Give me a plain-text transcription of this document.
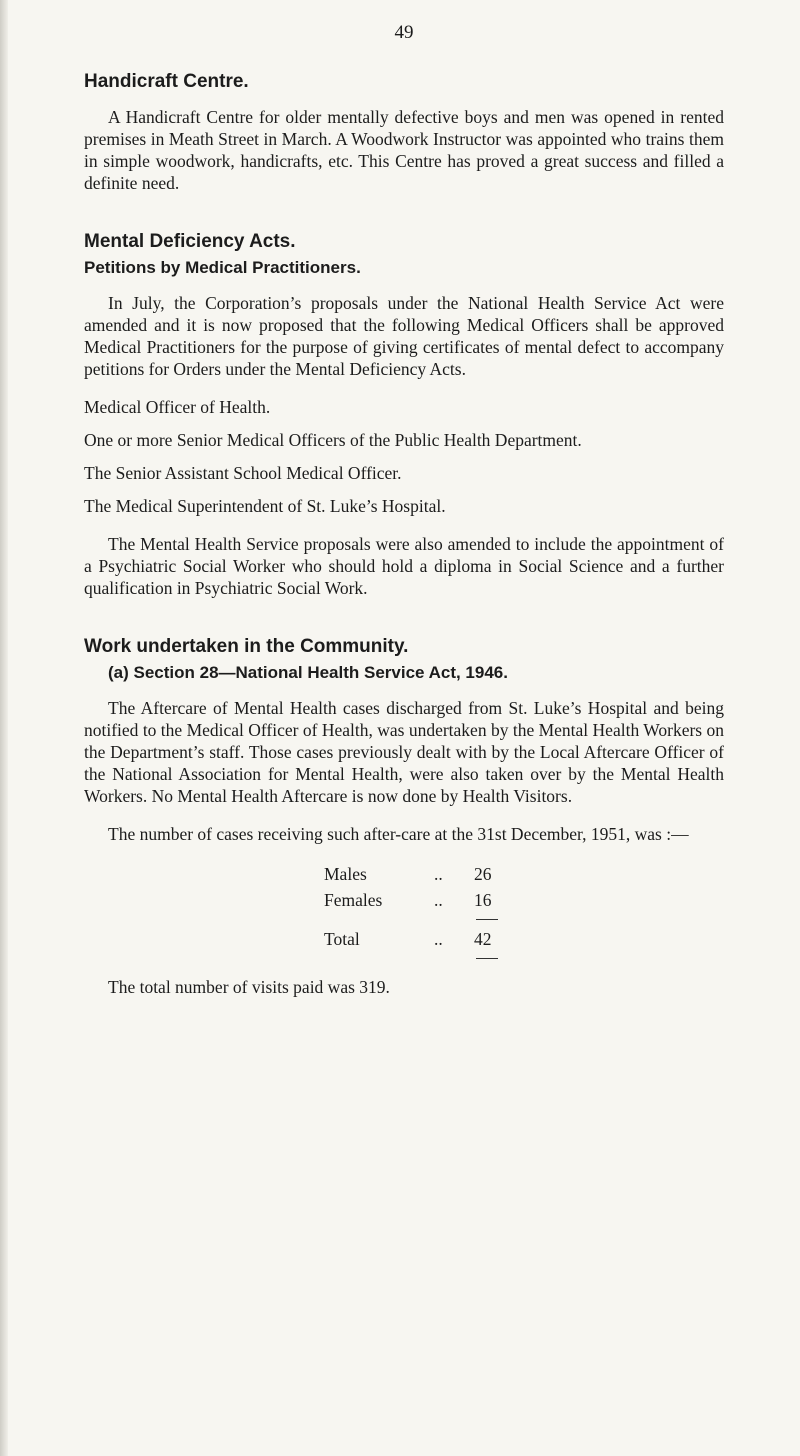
49
Handicraft Centre.

A Handicraft Centre for older mentally defective boys and men was opened in rented premises in Meath Street in March. A Woodwork Instructor was appointed who trains them in simple woodwork, handicrafts, etc. This Centre has proved a great success and filled a definite need.

Mental Deficiency Acts.
Petitions by Medical Practitioners.

In July, the Corporation’s proposals under the National Health Service Act were amended and it is now proposed that the following Medical Officers shall be approved Medical Practitioners for the purpose of giving certificates of mental defect to accompany petitions for Orders under the Mental Deficiency Acts.

Medical Officer of Health.

One or more Senior Medical Officers of the Public Health Department.

The Senior Assistant School Medical Officer.

The Medical Superintendent of St. Luke’s Hospital.

The Mental Health Service proposals were also amended to include the appointment of a Psychiatric Social Worker who should hold a diploma in Social Science and a further qualification in Psychiatric Social Work.

Work undertaken in the Community.
(a) Section 28—National Health Service Act, 1946.

The Aftercare of Mental Health cases discharged from St. Luke’s Hospital and being notified to the Medical Officer of Health, was undertaken by the Mental Health Workers on the Department’s staff. Those cases previously dealt with by the Local Aftercare Officer of the National Association for Mental Health, were also taken over by the Mental Health Workers. No Mental Health Aftercare is now done by Health Visitors.

The number of cases receiving such after-care at the 31st December, 1951, was :—

Males	..	26
Females	..	16
Total	..	42

The total number of visits paid was 319.
